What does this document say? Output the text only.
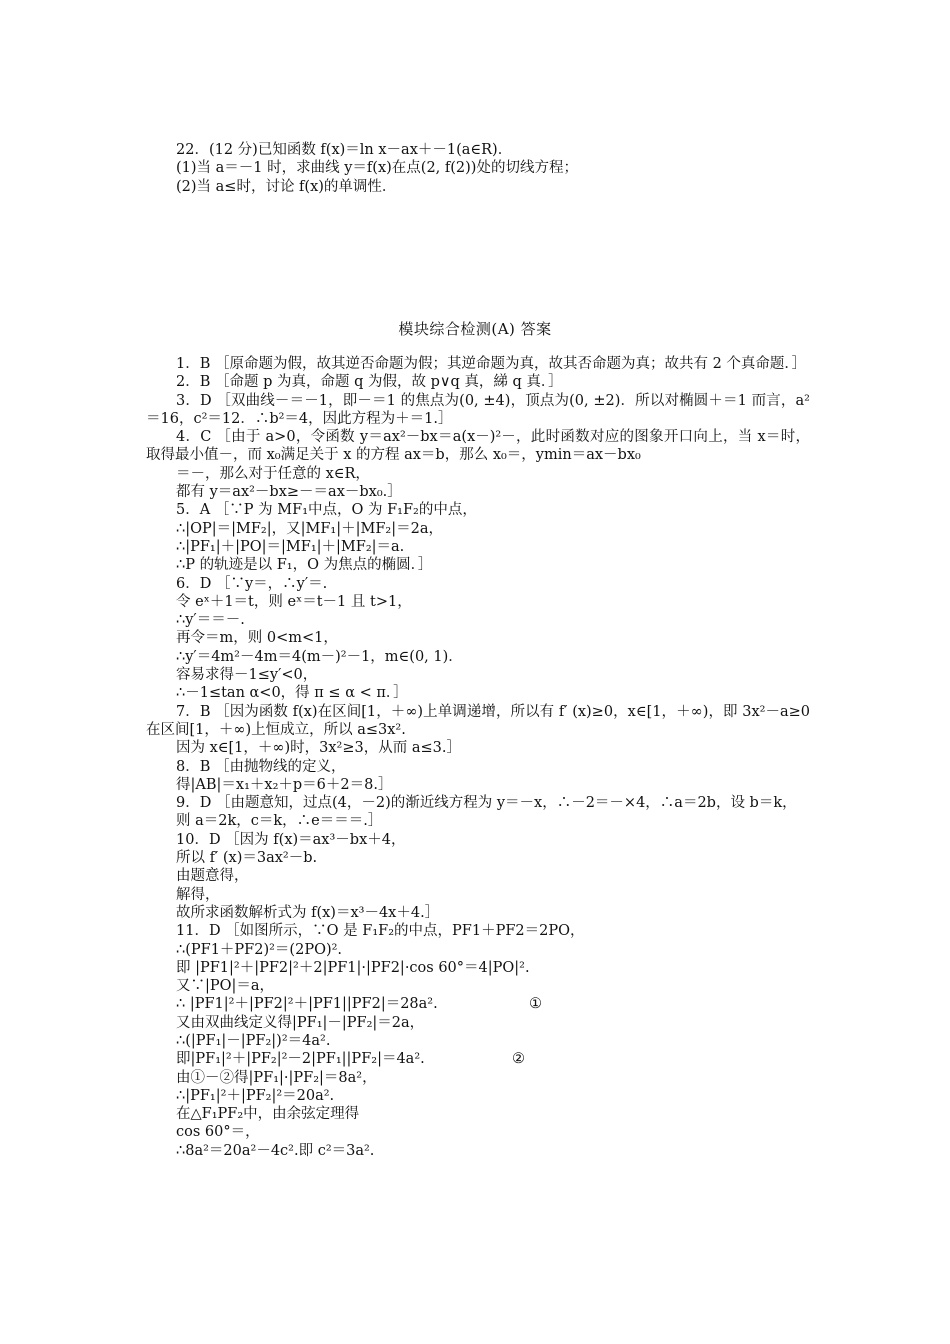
22．(12 分)已知函数 f(x)＝ln x－ax＋－1(a∈R)．
(1)当 a＝－1 时，求曲线 y＝f(x)在点(2, f(2))处的切线方程；
(2)当 a≤时，讨论 f(x)的单调性．
模块综合检测(A) 答案
1．B ［原命题为假，故其逆否命题为假；其逆命题为真，故其否命题为真；故共有 2 个真命题．］
2．B ［命题 p 为真，命题 q 为假，故 p∨q 真，綈 q 真．］
3．D ［双曲线－＝－1，即－＝1 的焦点为(0, ±4)，顶点为(0, ±2)．所以对椭圆＋＝1 而言，a²＝16，c²＝12．∴b²＝4，因此方程为＋＝1.］
4．C ［由于 a>0，令函数 y＝ax²－bx＝a(x－)²－，此时函数对应的图象开口向上，当 x＝时，取得最小值－，而 x₀满足关于 x 的方程 ax＝b，那么 x₀＝，ymin＝ax－bx₀
＝－，那么对于任意的 x∈R，
都有 y＝ax²－bx≥－＝ax－bx₀.］
5．A ［∵P 为 MF₁中点，O 为 F₁F₂的中点，
∴|OP|＝|MF₂|，又|MF₁|＋|MF₂|＝2a，
∴|PF₁|＋|PO|＝|MF₁|＋|MF₂|＝a.
∴P 的轨迹是以 F₁，O 为焦点的椭圆．］
6．D ［∵y＝，∴y′＝.
令 eˣ＋1＝t，则 eˣ＝t－1 且 t>1，
∴y′＝＝－.
再令＝m，则 0<m<1，
∴y′＝4m²－4m＝4(m－)²－1，m∈(0, 1)．
容易求得－1≤y′<0，
∴－1≤tan α<0，得 π ≤ α < π．］
7．B ［因为函数 f(x)在区间[1，＋∞)上单调递增，所以有 f′ (x)≥0，x∈[1，＋∞)，即 3x²－a≥0 在区间[1，＋∞)上恒成立，所以 a≤3x².
因为 x∈[1，＋∞)时，3x²≥3，从而 a≤3.］
8．B ［由抛物线的定义，
得|AB|＝x₁＋x₂＋p＝6＋2＝8.］
9．D ［由题意知，过点(4，－2)的渐近线方程为 y＝－x，∴－2＝－×4，∴a＝2b，设 b＝k，
则 a＝2k，c＝k，∴e＝＝＝.］
10．D ［因为 f(x)＝ax³－bx＋4，
所以 f′ (x)＝3ax²－b.
由题意得，
解得，
故所求函数解析式为 f(x)＝x³－4x＋4.］
11．D ［如图所示，∵O 是 F₁F₂的中点，PF1＋PF2＝2PO，
∴(PF1＋PF2)²＝(2PO)².
即 |PF1|²＋|PF2|²＋2|PF1|·|PF2|·cos 60°＝4|PO|².
又∵|PO|＝a，
∴ |PF1|²＋|PF2|²＋|PF1||PF2|＝28a².	①
又由双曲线定义得|PF₁|－|PF₂|＝2a，
∴(|PF₁|－|PF₂|)²＝4a².
即|PF₁|²＋|PF₂|²－2|PF₁||PF₂|＝4a².	②
由①－②得|PF₁|·|PF₂|＝8a²，
∴|PF₁|²＋|PF₂|²＝20a².
在△F₁PF₂中，由余弦定理得
cos 60°＝，
∴8a²＝20a²－4c².即 c²＝3a².
